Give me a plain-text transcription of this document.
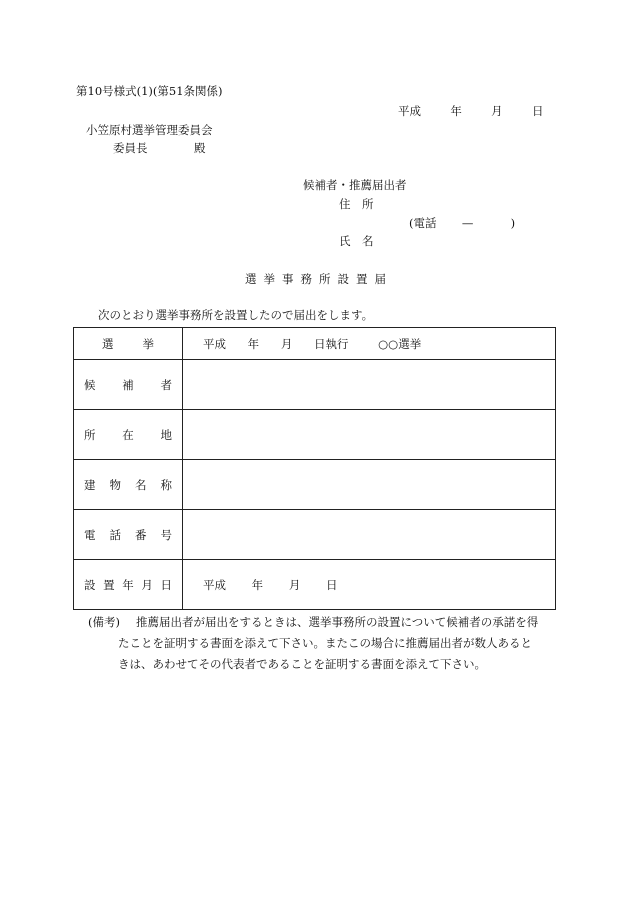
第10号様式(1)(第51条関係)
平成	年	月	日
小笠原村選挙管理委員会
委員長	殿
候補者・推薦届出者
住　所
(電話 —	)
氏　名
選挙事務所設置届
次のとおり選挙事務所を設置したので届出をします。
選 挙	平成 年 月 日執行 ○○選挙

候 補 者	

所 在 地	

建 物 名 称	

電 話 番 号	

設 置 年 月 日	平成 年 月 日
(備考) 推薦届出者が届出をするときは、選挙事務所の設置について候補者の承諾を得
たことを証明する書面を添えて下さい。またこの場合に推薦届出者が数人あると
きは、あわせてその代表者であることを証明する書面を添えて下さい。
